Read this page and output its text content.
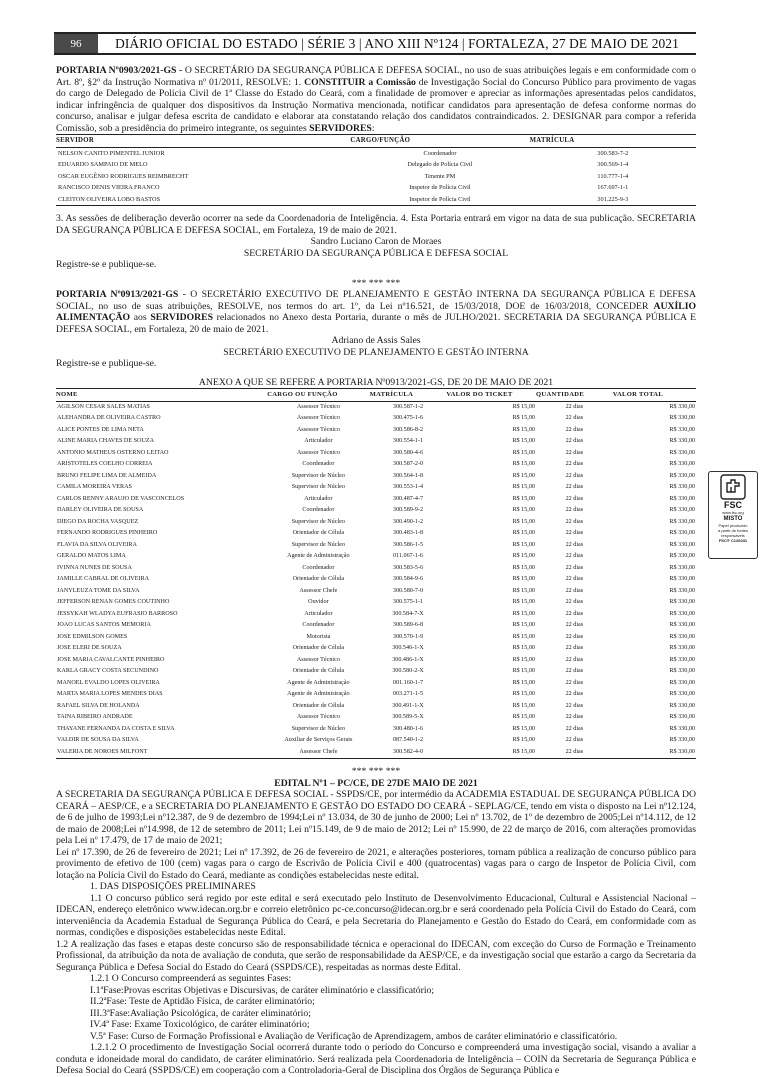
96	DIÁRIO OFICIAL DO ESTADO | SÉRIE 3 | ANO XIII Nº124 | FORTALEZA, 27 DE MAIO DE 2021

PORTARIA Nº0903/2021-GS - O SECRETÁRIO DA SEGURANÇA PÚBLICA E DEFESA SOCIAL, no uso de suas atribuições legais e em conformidade com o Art. 8º, §2º da Instrução Normativa nº 01/2011, RESOLVE: 1. CONSTITUIR a Comissão de Investigação Social do Concurso Público para provimento de vagas do cargo de Delegado de Polícia Civil de 1ª Classe do Estado do Ceará, com a finalidade de promover e apreciar as informações apresentadas pelos candidatos, indicar infringência de qualquer dos dispositivos da Instrução Normativa mencionada, notificar candidatos para apresentação de defesa conforme normas do concurso, analisar e julgar defesa escrita de candidato e elaborar ata constatando relação dos candidatos contraindicados. 2. DESIGNAR para compor a referida Comissão, sob a presidência do primeiro integrante, os seguintes SERVIDORES:

SERVIDOR	CARGO/FUNÇÃO	MATRÍCULA
NELSON CANITO PIMENTEL JUNIOR	Coordenador	300.583-7-2
EDUARDO SAMPAIO DE MELO	Delegado de Polícia Civil	300.569-1-4
OSCAR EUGÊNIO RODRIGUES REIMBRECHT	Tenente PM	110.777-1-4
RANCISCO DENIS VIEIRA FRANCO	Inspetor de Polícia Civil	167.697-1-1
CLEITON OLIVEIRA LOBO BASTOS	Inspetor de Polícia Civil	301.225-9-3

3. As sessões de deliberação deverão ocorrer na sede da Coordenadoria de Inteligência. 4. Esta Portaria entrará em vigor na data de sua publicação. SECRETARIA DA SEGURANÇA PÚBLICA E DEFESA SOCIAL, em Fortaleza, 19 de maio de 2021.

Sandro Luciano Caron de Moraes

SECRETÁRIO DA SEGURANÇA PÚBLICA E DEFESA SOCIAL

Registre-se e publique-se.

*** *** ***

PORTARIA Nº0913/2021-GS - O SECRETÁRIO EXECUTIVO DE PLANEJAMENTO E GESTÃO INTERNA DA SEGURANÇA PÚBLICA E DEFESA SOCIAL, no uso de suas atribuições, RESOLVE, nos termos do art. 1º, da Lei nº16.521, de 15/03/2018, DOE de 16/03/2018, CONCEDER AUXÍLIO ALIMENTAÇÃO aos SERVIDORES relacionados no Anexo desta Portaria, durante o mês de JULHO/2021. SECRETARIA DA SEGURANÇA PÚBLICA E DEFESA SOCIAL, em Fortaleza, 20 de maio de 2021.

Adriano de Assis Sales

SECRETÁRIO EXECUTIVO DE PLANEJAMENTO E GESTÃO INTERNA

Registre-se e publique-se.

ANEXO A QUE SE REFERE A PORTARIA Nº0913/2021-GS, DE 20 DE MAIO DE 2021

NOME	CARGO OU FUNÇÃO	MATRÍCULA	VALOR DO TICKET	QUANTIDADE	VALOR TOTAL
AGILSON CESAR SALES MATIAS	Assessor Técnico	300.587-1-2	R$ 15,00	22 dias	R$ 330,00
ALEHANDRA DE OLIVEIRA CASTRO	Assessor Técnico	300.475-1-6	R$ 15,00	22 dias	R$ 330,00
ALICE PONTES DE LIMA NETA	Assessor Técnico	300.586-8-2	R$ 15,00	22 dias	R$ 330,00
ALINE MARIA CHAVES DE SOUZA	Articulador	300.554-1-1	R$ 15,00	22 dias	R$ 330,00
ANTONIO MATHEUS OSTERNO LEITAO	Assessor Técnico	300.580-4-6	R$ 15,00	22 dias	R$ 330,00
ARISTOTELES COELHO CORREIA	Coordenador	300.587-2-0	R$ 15,00	22 dias	R$ 330,00
BRUNO FELIPE LIMA DE ALMEIDA	Supervisor de Núcleo	300.564-1-8	R$ 15,00	22 dias	R$ 330,00
CAMILA MOREIRA VERAS	Supervisor de Núcleo	300.553-1-4	R$ 15,00	22 dias	R$ 330,00
CARLOS RENNY ARAUJO DE VASCONCELOS	Articulador	300.487-4-7	R$ 15,00	22 dias	R$ 330,00
DARLEY OLIVEIRA DE SOUSA	Coordenador	300.589-9-2	R$ 15,00	22 dias	R$ 330,00
DIEGO DA ROCHA VASQUEZ	Supervisor de Núcleo	300.490-1-2	R$ 15,00	22 dias	R$ 330,00
FERNANDO RODRIGUES PINHEIRO	Orientador de Célula	300.483-1-8	R$ 15,00	22 dias	R$ 330,00
FLAVIA DA SILVA OLIVEIRA	Supervisor de Núcleo	300.586-1-5	R$ 15,00	22 dias	R$ 330,00
GERALDO MATOS LIMA	Agente de Administração	011.067-1-6	R$ 15,00	22 dias	R$ 330,00
IVINNA NUNES DE SOUSA	Coordenador	300.583-5-6	R$ 15,00	22 dias	R$ 330,00
JAMILLE CABRAL DE OLIVEIRA	Orientador de Célula	300.584-9-6	R$ 15,00	22 dias	R$ 330,00
JANYLEUZA TOME DA SILVA	Assessor Chefe	300.580-7-0	R$ 15,00	22 dias	R$ 330,00
JEFFERSON RENAN GOMES COUTINHO	Ouvidor	300.575-1-1	R$ 15,00	22 dias	R$ 330,00
JESSYKAH WLADYA EUFRASIO BARROSO	Articulador	300.584-7-X	R$ 15,00	22 dias	R$ 330,00
JOAO LUCAS SANTOS MEMORIA	Coordenador	300.589-6-8	R$ 15,00	22 dias	R$ 330,00
JOSE EDMILSON GOMES	Motorista	300.570-1-9	R$ 15,00	22 dias	R$ 330,00
JOSE ELERI DE SOUZA	Orientador de Célula	300.546-1-X	R$ 15,00	22 dias	R$ 330,00
JOSE MARIA CAVALCANTE PINHEIRO	Assessor Técnico	300.486-1-X	R$ 15,00	22 dias	R$ 330,00
KARLA GRACY COSTA SECUNDINO	Orientador de Célula	300.580-2-X	R$ 15,00	22 dias	R$ 330,00
MANOEL EVALDO LOPES OLIVEIRA	Agente de Administração	001.160-1-7	R$ 15,00	22 dias	R$ 330,00
MARTA MARIA LOPES MENDES DIAS	Agente de Administração	003.271-1-5	R$ 15,00	22 dias	R$ 330,00
RAFAEL SILVA DE HOLANDA	Orientador de Célula	300.491-1-X	R$ 15,00	22 dias	R$ 330,00
TAINA RIBEIRO ANDRADE	Assessor Técnico	300.589-5-X	R$ 15,00	22 dias	R$ 330,00
THAYANE FERNANDA DA COSTA E SILVA	Supervisor de Núcleo	300.480-1-6	R$ 15,00	22 dias	R$ 330,00
VALDIR DE SOUSA DA SILVA	Auxiliar de Serviços Gerais	087.540-1-2	R$ 15,00	22 dias	R$ 330,00
VALERIA DE NOROES MILFONT	Assessor Chefe	300.582-4-0	R$ 15,00	22 dias	R$ 330,00

*** *** ***

EDITAL Nº1 – PC/CE, DE 27DE MAIO DE 2021

A SECRETARIA DA SEGURANÇA PÚBLICA E DEFESA SOCIAL - SSPDS/CE, por intermédio da ACADEMIA ESTADUAL DE SEGURANÇA PÚBLICA DO CEARÁ – AESP/CE, e a SECRETARIA DO PLANEJAMENTO E GESTÃO DO ESTADO DO CEARÁ - SEPLAG/CE, tendo em vista o disposto na Lei nº12.124, de 6 de julho de 1993;Lei nº12.387, de 9 de dezembro de 1994;Lei nº 13.034, de 30 de junho de 2000; Lei nº 13.702, de 1º de dezembro de 2005;Lei nº14.112, de 12 de maio de 2008;Lei nº14.998, de 12 de setembro de 2011; Lei nº15.149, de 9 de maio de 2012; Lei nº 15.990, de 22 de março de 2016, com alterações promovidas pela Lei nº 17.479, de 17 de maio de 2021;

Lei nº 17.390, de 26 de fevereiro de 2021; Lei nº 17.392, de 26 de fevereiro de 2021, e alterações posteriores, tornam pública a realização de concurso público para provimento de efetivo de 100 (cem) vagas para o cargo de Escrivão de Polícia Civil e 400 (quatrocentas) vagas para o cargo de Inspetor de Polícia Civil, com lotação na Polícia Civil do Estado do Ceará, mediante as condições estabelecidas neste edital.

1. DAS DISPOSIÇÕES PRELIMINARES

1.1 O concurso público será regido por este edital e será executado pelo Instituto de Desenvolvimento Educacional, Cultural e Assistencial Nacional – IDECAN, endereço eletrônico www.idecan.org.br e correio eletrônico pc-ce.concurso@idecan.org.br e será coordenado pela Polícia Civil do Estado do Ceará, com interveniência da Academia Estadual de Segurança Pública do Ceará, e pela Secretaria do Planejamento e Gestão do Estado do Ceará, em conformidade com as normas, condições e disposições estabelecidas neste Edital.

1.2 A realização das fases e etapas deste concurso são de responsabilidade técnica e operacional do IDECAN, com exceção do Curso de Formação e Treinamento Profissional, da atribuição da nota de avaliação de conduta, que serão de responsabilidade da AESP/CE, e da investigação social que estarão a cargo da Secretaria da Segurança Pública e Defesa Social do Estado do Ceará (SSPDS/CE), respeitadas as normas deste Edital.

1.2.1 O Concurso compreenderá as seguintes Fases:

I.1ªFase:Provas escritas Objetivas e Discursivas, de caráter eliminatório e classificatório;

II.2ªFase: Teste de Aptidão Física, de caráter eliminatório;

III.3ªFase:Avaliação Psicológica, de caráter eliminatório;

IV.4ª Fase: Exame Toxicológico, de caráter eliminatório;

V.5ª Fase: Curso de Formação Profissional e Avaliação de Verificação de Aprendizagem, ambos de caráter eliminatório e classificatório.

1.2.1.2 O procedimento de Investigação Social ocorrerá durante todo o período do Concurso e compreenderá uma investigação social, visando a avaliar a conduta e idoneidade moral do candidato, de caráter eliminatório. Será realizada pela Coordenadoria de Inteligência – COIN da Secretaria de Segurança Pública e Defesa Social do Ceará (SSPDS/CE) em cooperação com a Controladoria-Geral de Disciplina dos Órgãos de Segurança Pública e

FSC
www.fsc.org
MISTO
Papel produzido
a partir de fontes
responsáveis
FSC® C126031
